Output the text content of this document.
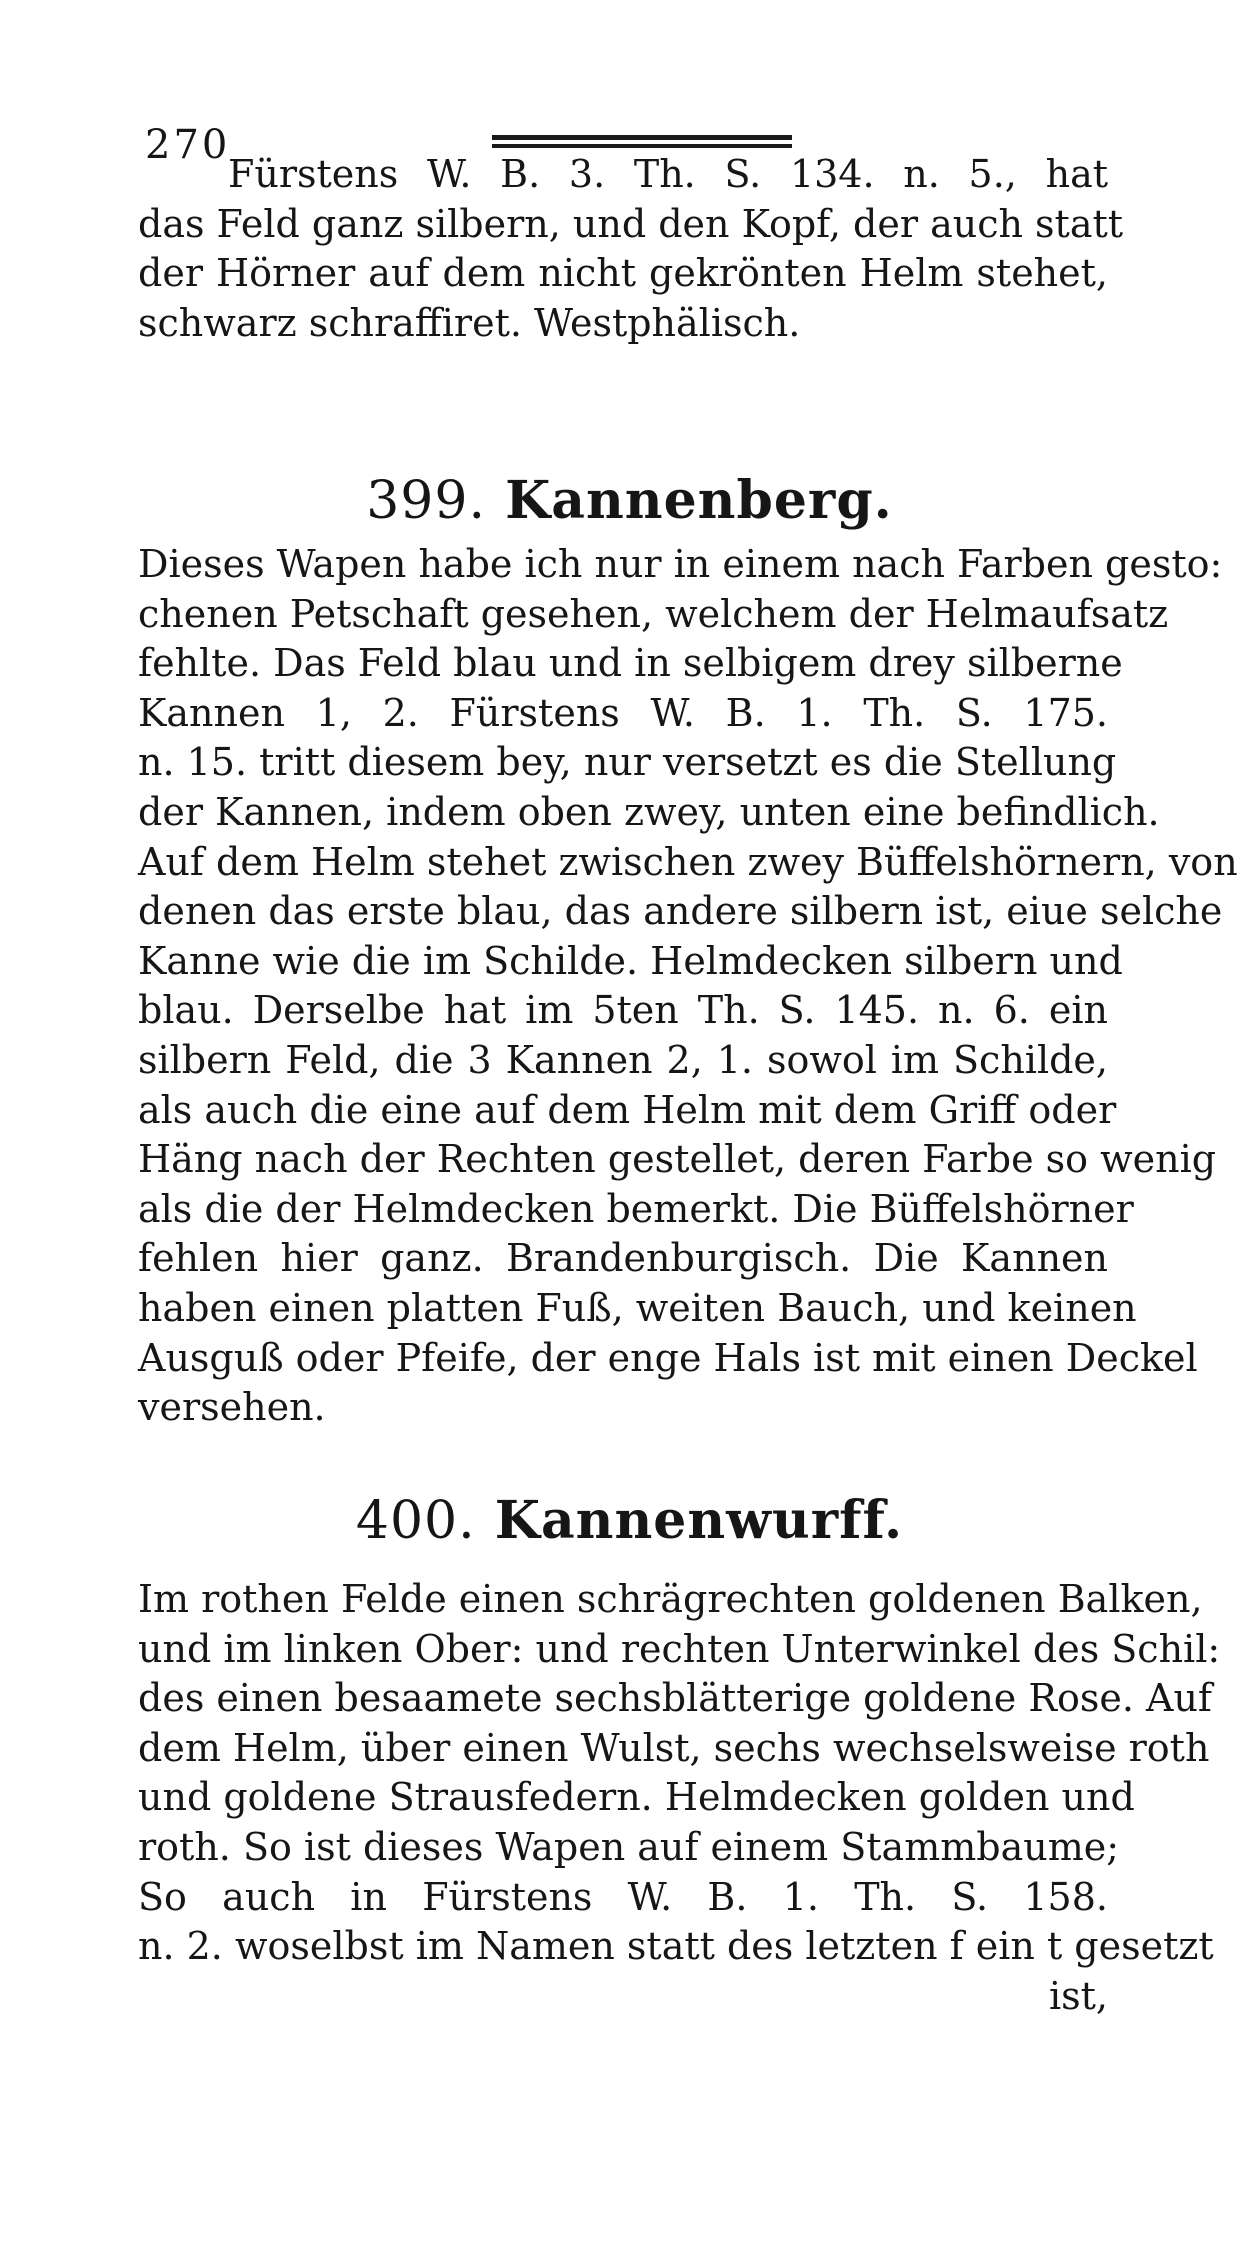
270
Fürstens W. B. 3. Th. S. 134. n. 5., hat
das Feld ganz silbern, und den Kopf, der auch statt
der Hörner auf dem nicht gekrönten Helm stehet,
schwarz schraffiret. Westphälisch.
399. Kannenberg.
Dieses Wapen habe ich nur in einem nach Farben gesto:
chenen Petschaft gesehen, welchem der Helmaufsatz
fehlte. Das Feld blau und in selbigem drey silberne
Kannen 1, 2. Fürstens W. B. 1. Th. S. 175.
n. 15. tritt diesem bey, nur versetzt es die Stellung
der Kannen, indem oben zwey, unten eine befindlich.
Auf dem Helm stehet zwischen zwey Büffelshörnern, von
denen das erste blau, das andere silbern ist, eiue selche
Kanne wie die im Schilde. Helmdecken silbern und
blau. Derselbe hat im 5ten Th. S. 145. n. 6. ein
silbern Feld, die 3 Kannen 2, 1. sowol im Schilde,
als auch die eine auf dem Helm mit dem Griff oder
Häng nach der Rechten gestellet, deren Farbe so wenig
als die der Helmdecken bemerkt. Die Büffelshörner
fehlen hier ganz. Brandenburgisch. Die Kannen
haben einen platten Fuß, weiten Bauch, und keinen
Ausguß oder Pfeife, der enge Hals ist mit einen Deckel
versehen.
400. Kannenwurff.
Im rothen Felde einen schrägrechten goldenen Balken,
und im linken Ober: und rechten Unterwinkel des Schil:
des einen besaamete sechsblätterige goldene Rose. Auf
dem Helm, über einen Wulst, sechs wechselsweise roth
und goldene Strausfedern. Helmdecken golden und
roth. So ist dieses Wapen auf einem Stammbaume;
So auch in Fürstens W. B. 1. Th. S. 158.
n. 2. woselbst im Namen statt des letzten f ein t gesetzt
ist,
